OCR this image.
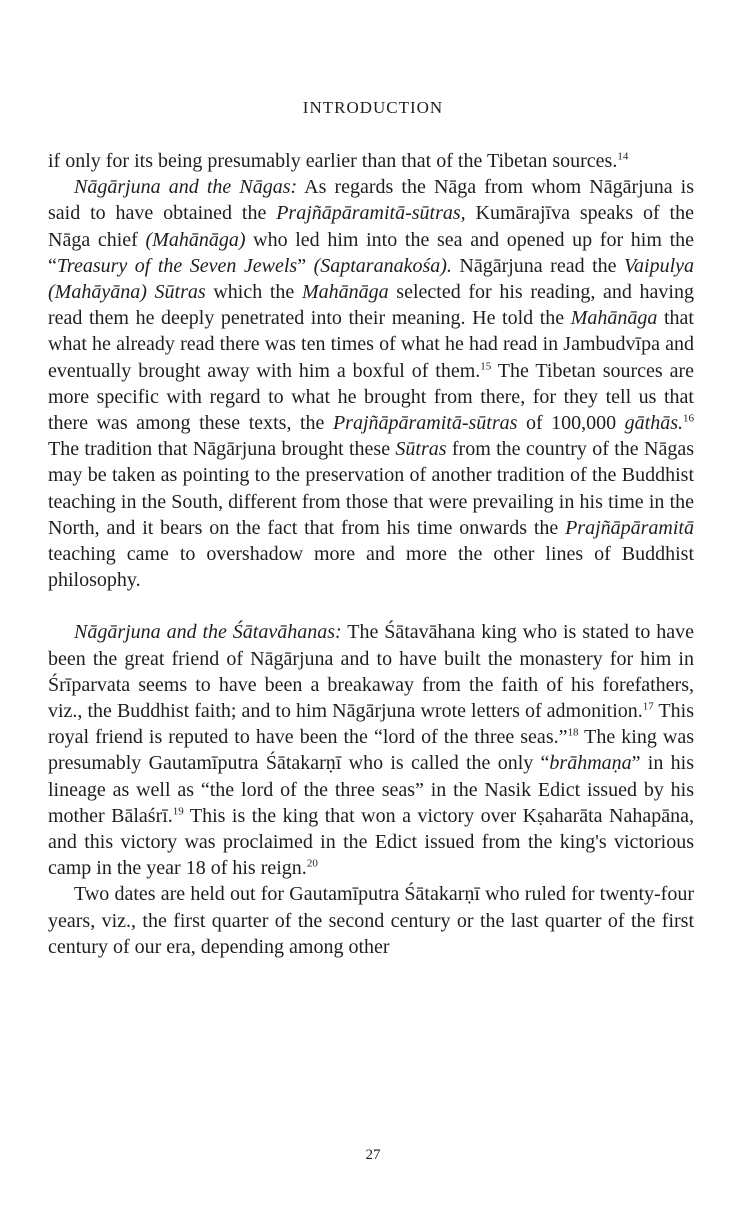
INTRODUCTION

if only for its being presumably earlier than that of the Tibetan sources.$^{14}$

Nāgārjuna and the Nāgas: As regards the Nāga from whom Nāgārjuna is said to have obtained the Prajñāpāramitā-sūtras, Kumārajīva speaks of the Nāga chief (Mahānāga) who led him into the sea and opened up for him the “Treasury of the Seven Jewels” (Saptaranakośa). Nāgārjuna read the Vaipulya (Mahāyāna) Sūtras which the Mahānāga selected for his reading, and having read them he deeply penetrated into their meaning. He told the Mahānāga that what he already read there was ten times of what he had read in Jambudvīpa and eventually brought away with him a boxful of them.$^{15}$ The Tibetan sources are more specific with regard to what he brought from there, for they tell us that there was among these texts, the Prajñāpāramitā-sūtras of 100,000 gāthās.$^{16}$ The tradition that Nāgārjuna brought these Sūtras from the country of the Nāgas may be taken as pointing to the preservation of another tradition of the Buddhist teaching in the South, different from those that were prevailing in his time in the North, and it bears on the fact that from his time onwards the Prajñāpāramitā teaching came to overshadow more and more the other lines of Buddhist philosophy.

Nāgārjuna and the Śātavāhanas: The Śātavāhana king who is stated to have been the great friend of Nāgārjuna and to have built the monastery for him in Śrīparvata seems to have been a breakaway from the faith of his forefathers, viz., the Buddhist faith; and to him Nāgārjuna wrote letters of admonition.$^{17}$ This royal friend is reputed to have been the “lord of the three seas.”$^{18}$ The king was presumably Gautamīputra Śātakarṇī who is called the only “brāhmaṇa” in his lineage as well as “the lord of the three seas” in the Nasik Edict issued by his mother Bālaśrī.$^{19}$ This is the king that won a victory over Kṣaharāta Nahapāna, and this victory was proclaimed in the Edict issued from the king's victorious camp in the year 18 of his reign.$^{20}$

Two dates are held out for Gautamīputra Śātakarṇī who ruled for twenty-four years, viz., the first quarter of the second century or the last quarter of the first century of our era, depending among other

27
